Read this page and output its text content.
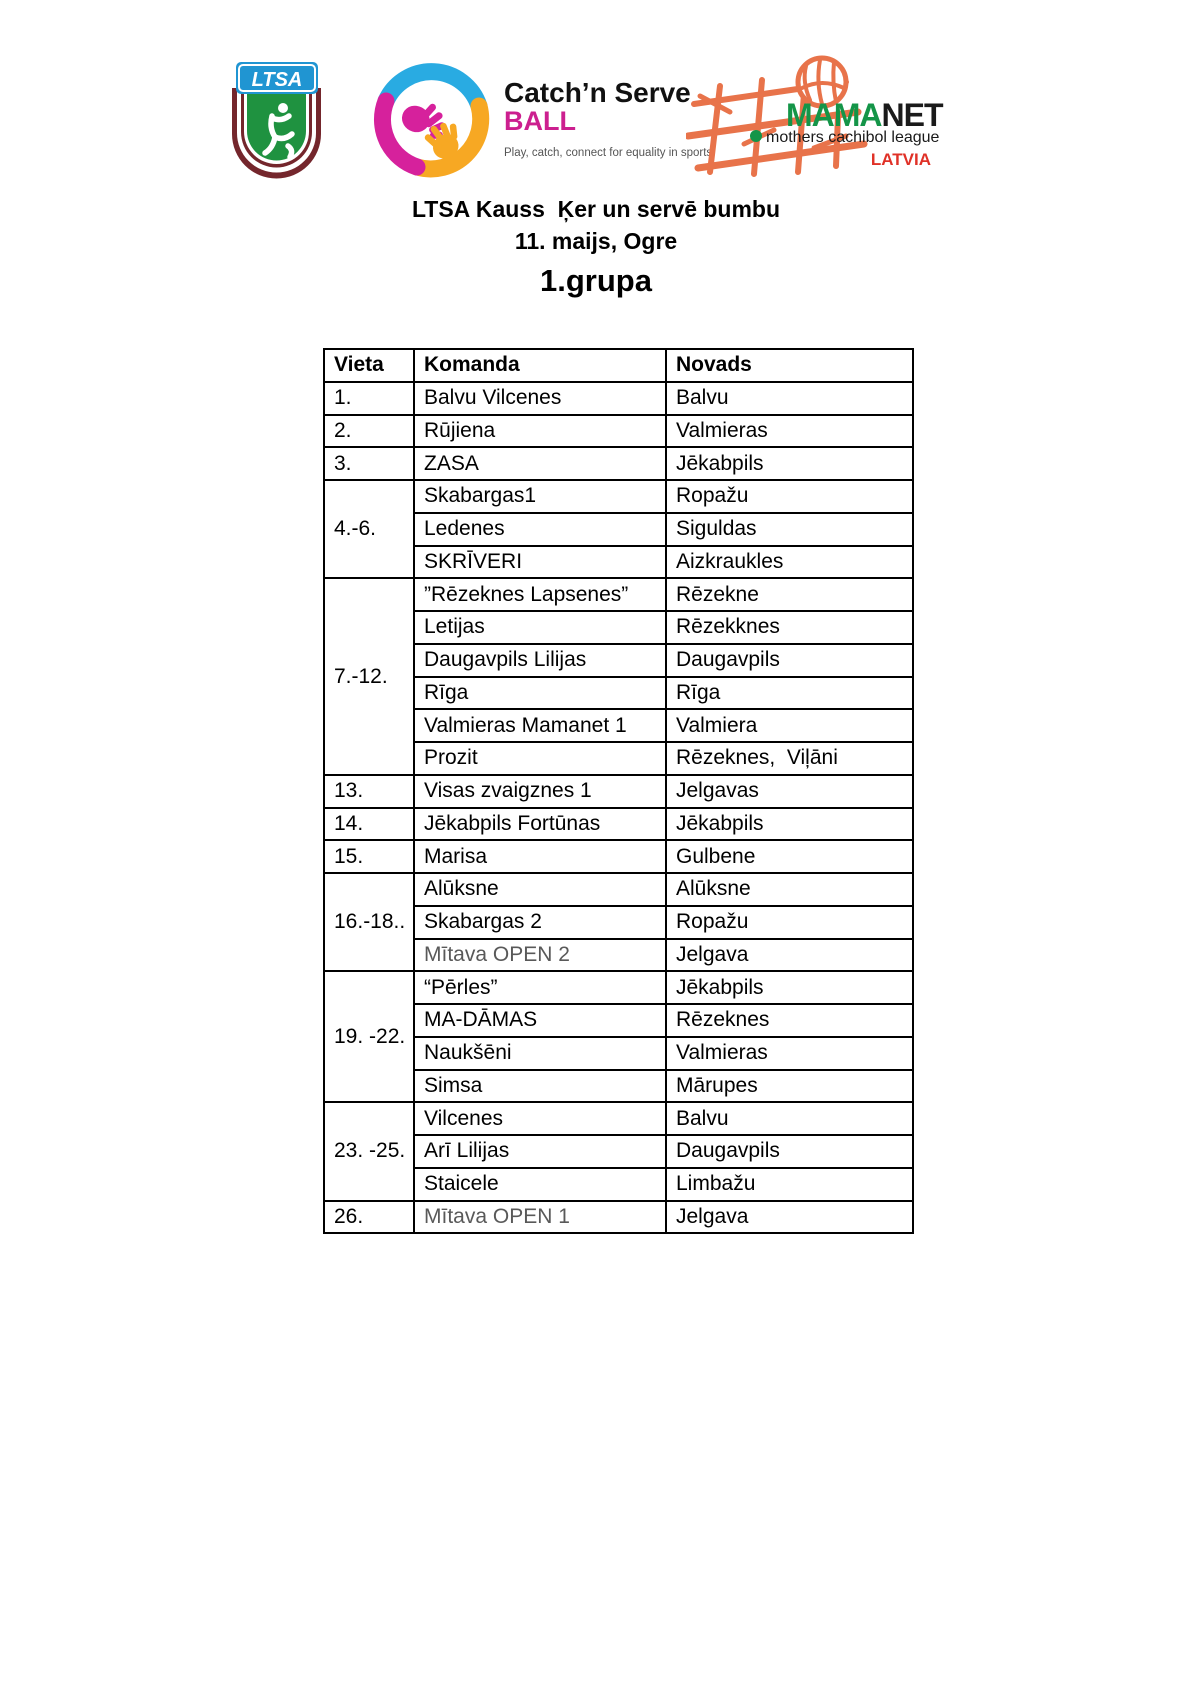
LTSA	Catch’n Serve
BALL
Play, catch, connect for equality in sports!
MAMANET
mothers cachibol league
LATVIA
LTSA Kauss  Ķer un servē bumbu
11. maijs, Ogre
1.grupa
Vieta	Komanda	Novads
1.	Balvu Vilcenes	Balvu
2.	Rūjiena	Valmieras
3.	ZASA	Jēkabpils
4.-6.	Skabargas1	Ropažu
	Ledenes	Siguldas
	SKRĪVERI	Aizkraukles
7.-12.	”Rēzeknes Lapsenes”	Rēzekne
	Letijas	Rēzekknes
	Daugavpils Lilijas	Daugavpils
	Rīga	Rīga
	Valmieras Mamanet 1	Valmiera
	Prozit	Rēzeknes,  Viļāni
13.	Visas zvaigznes 1	Jelgavas
14.	Jēkabpils Fortūnas	Jēkabpils
15.	Marisa	Gulbene
16.-18..	Alūksne	Alūksne
	Skabargas 2	Ropažu
	Mītava OPEN 2	Jelgava
19. -22.	“Pērles”	Jēkabpils
	MA-DĀMAS	Rēzeknes
	Naukšēni	Valmieras
	Simsa	Mārupes
23. -25.	Vilcenes	Balvu
	Arī Lilijas	Daugavpils
	Staicele	Limbažu
26.	Mītava OPEN 1	Jelgava
